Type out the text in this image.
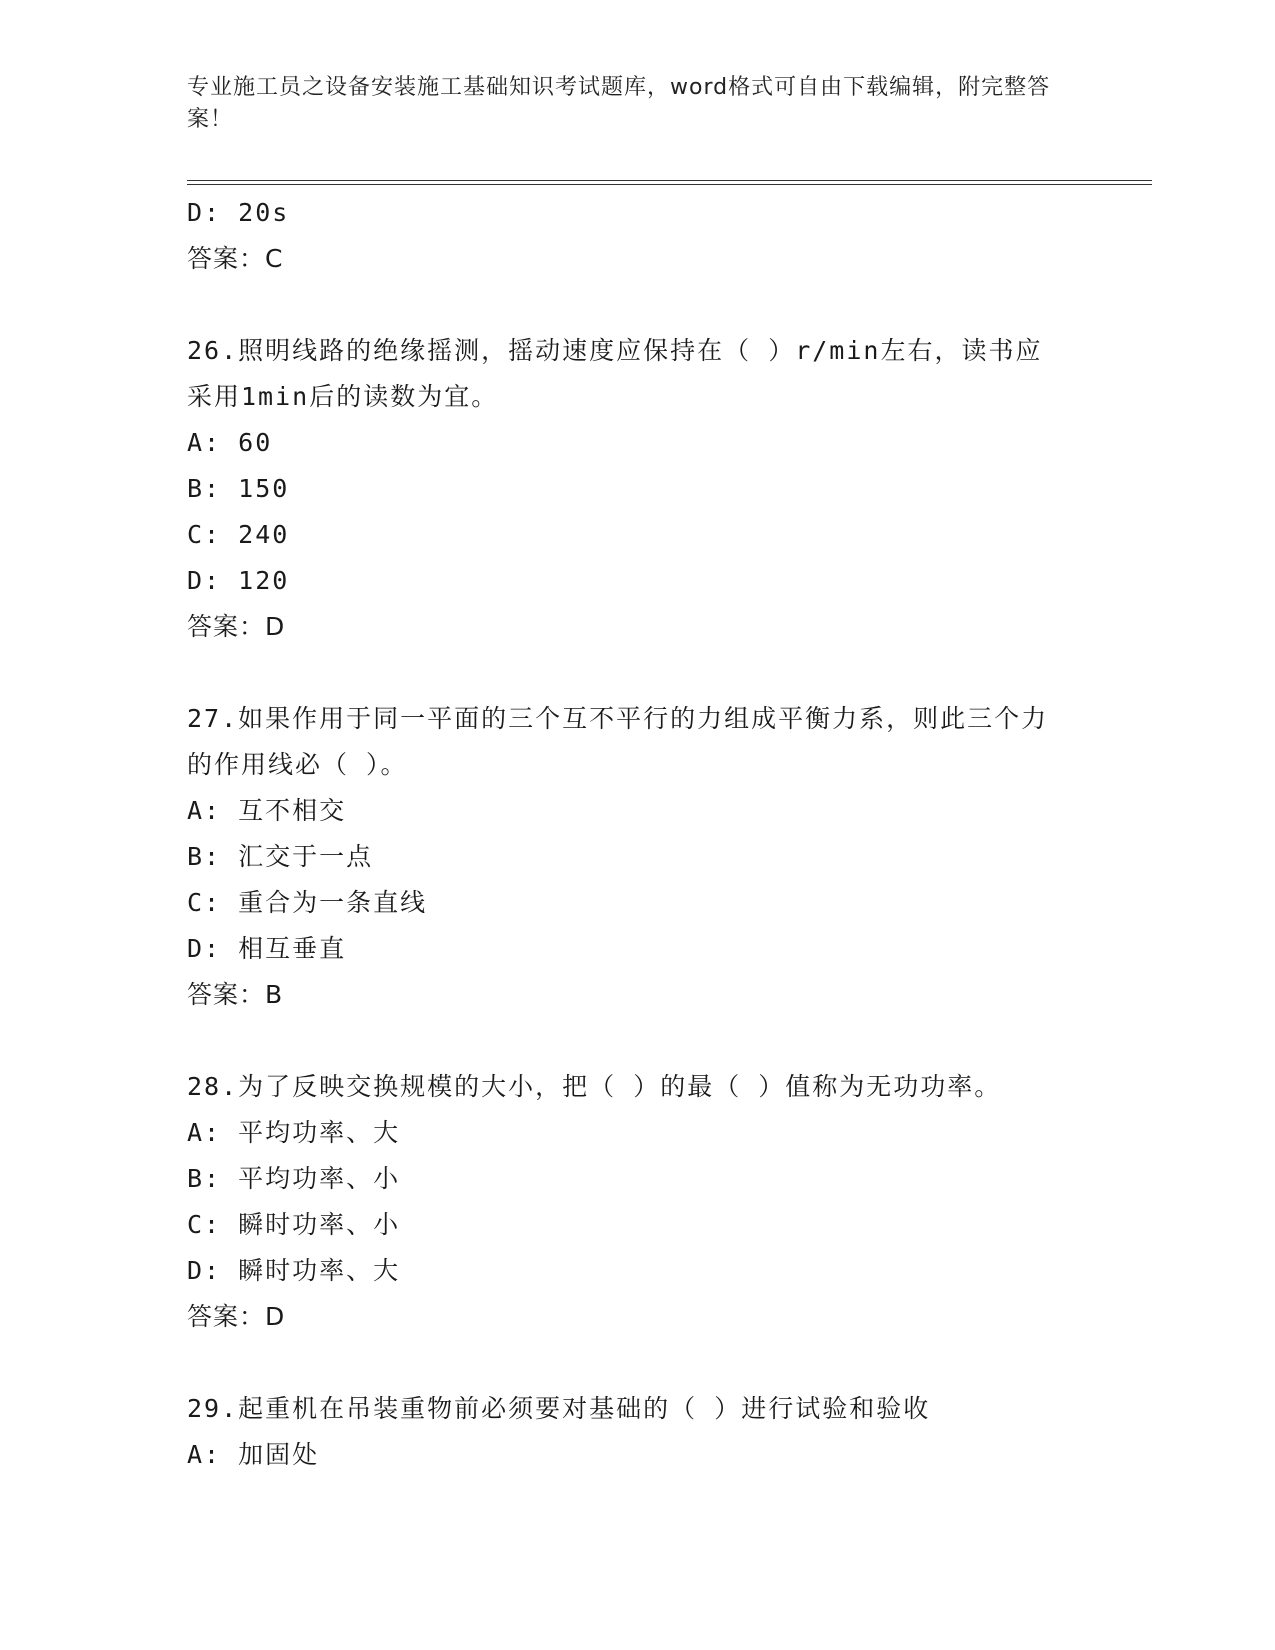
专业施工员之设备安装施工基础知识考试题库，word格式可自由下载编辑，附完整答案！
D: 20s
答案：C
26.照明线路的绝缘摇测，摇动速度应保持在（ ）r/min左右，读书应采用1min后的读数为宜。
A: 60
B: 150
C: 240
D: 120
答案：D
27.如果作用于同一平面的三个互不平行的力组成平衡力系，则此三个力的作用线必（ ）。
A: 互不相交
B: 汇交于一点
C: 重合为一条直线
D: 相互垂直
答案：B
28.为了反映交换规模的大小，把（ ）的最（ ）值称为无功功率。
A: 平均功率、大
B: 平均功率、小
C: 瞬时功率、小
D: 瞬时功率、大
答案：D
29.起重机在吊装重物前必须要对基础的（ ）进行试验和验收
A: 加固处
